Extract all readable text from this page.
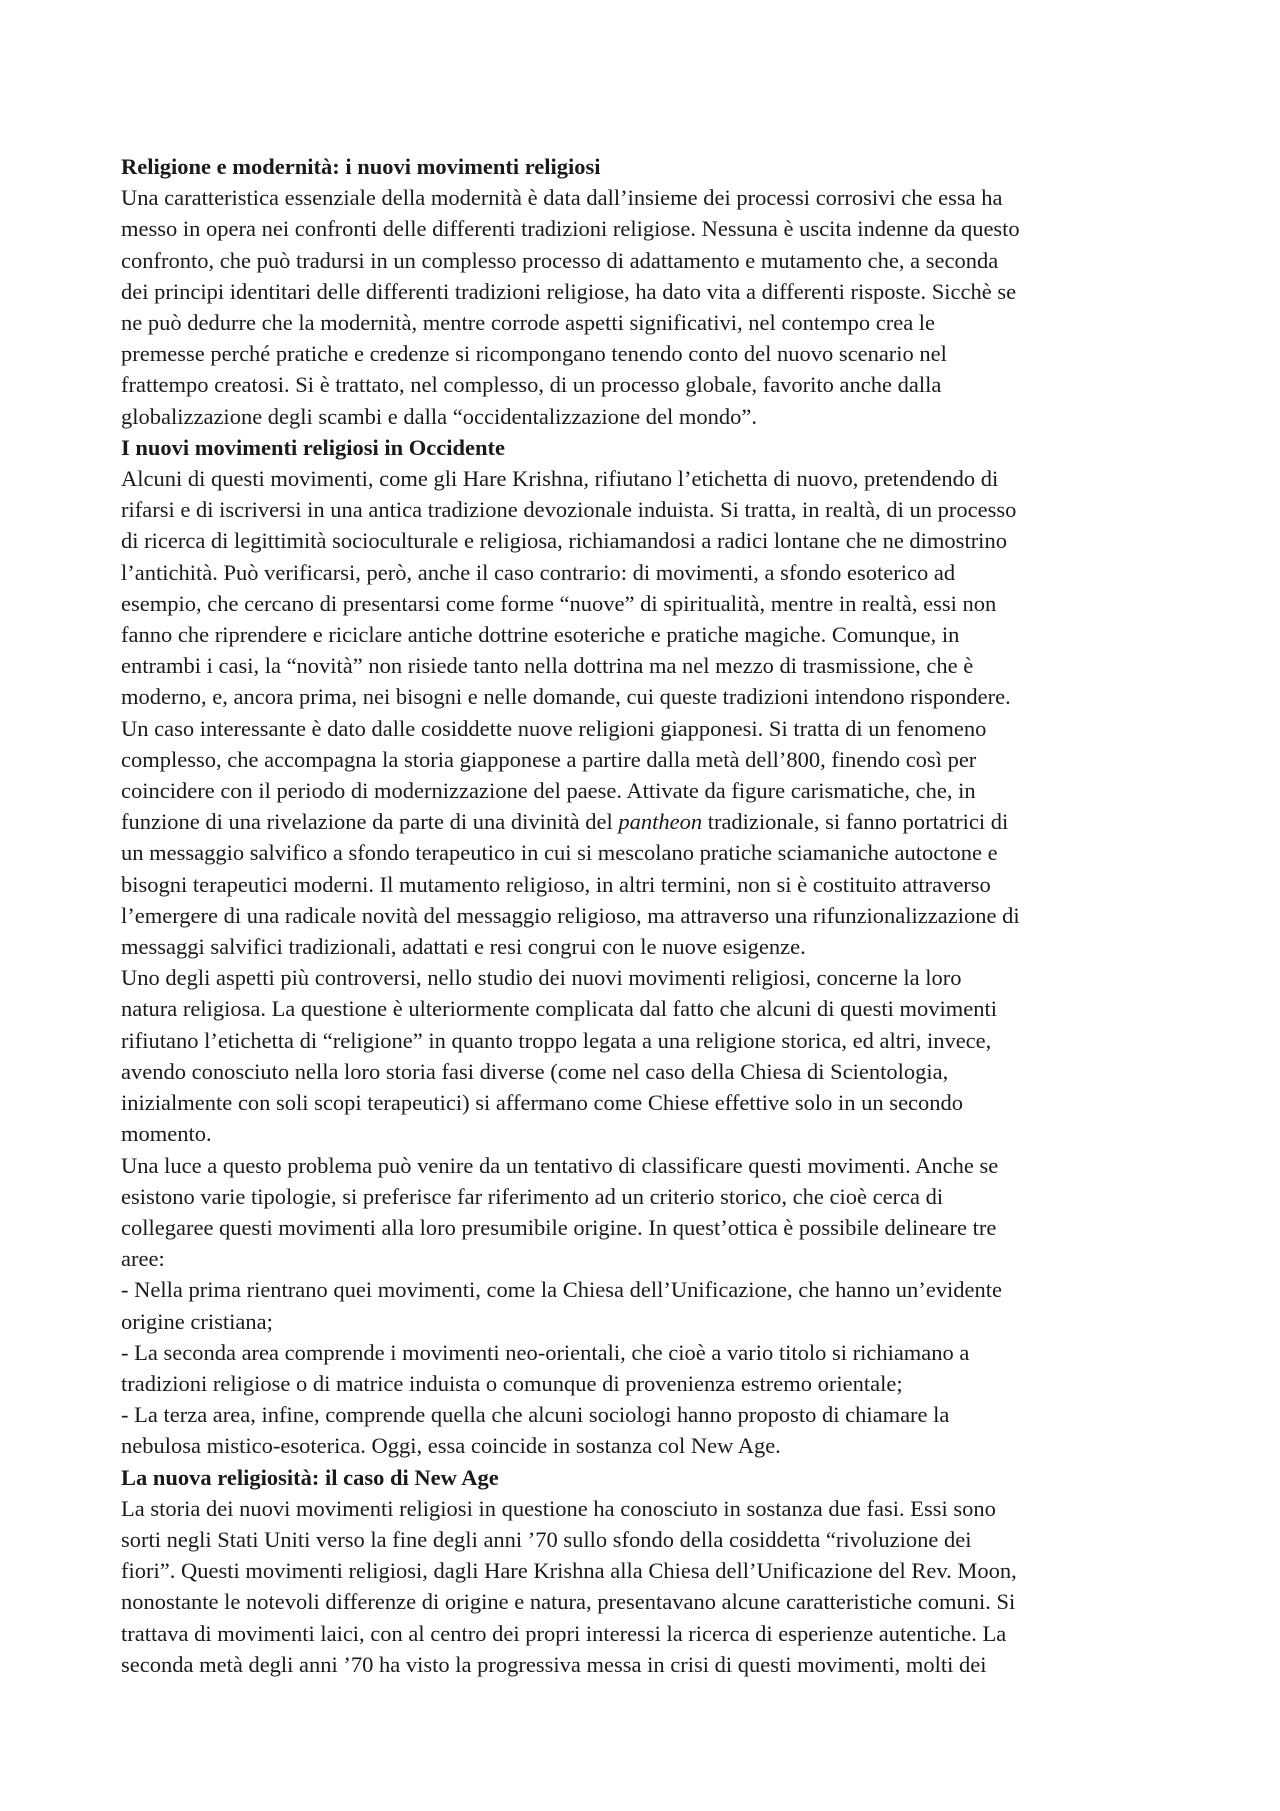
Religione e modernità: i nuovi movimenti religiosi

Una caratteristica essenziale della modernità è data dall’insieme dei processi corrosivi che essa ha
messo in opera nei confronti delle differenti tradizioni religiose. Nessuna è uscita indenne da questo
confronto, che può tradursi in un complesso processo di adattamento e mutamento che, a seconda
dei principi identitari delle differenti tradizioni religiose, ha dato vita a differenti risposte. Sicchè se
ne può dedurre che la modernità, mentre corrode aspetti significativi, nel contempo crea le
premesse perché pratiche e credenze si ricompongano tenendo conto del nuovo scenario nel
frattempo creatosi. Si è trattato, nel complesso, di un processo globale, favorito anche dalla
globalizzazione degli scambi e dalla “occidentalizzazione del mondo”.

I nuovi movimenti religiosi in Occidente

Alcuni di questi movimenti, come gli Hare Krishna, rifiutano l’etichetta di nuovo, pretendendo di
rifarsi e di iscriversi in una antica tradizione devozionale induista. Si tratta, in realtà, di un processo
di ricerca di legittimità socioculturale e religiosa, richiamandosi a radici lontane che ne dimostrino
l’antichità. Può verificarsi, però, anche il caso contrario: di movimenti, a sfondo esoterico ad
esempio, che cercano di presentarsi come forme “nuove” di spiritualità, mentre in realtà, essi non
fanno che riprendere e riciclare antiche dottrine esoteriche e pratiche magiche. Comunque, in
entrambi i casi, la “novità” non risiede tanto nella dottrina ma nel mezzo di trasmissione, che è
moderno, e, ancora prima, nei bisogni e nelle domande, cui queste tradizioni intendono rispondere.

Un caso interessante è dato dalle cosiddette nuove religioni giapponesi. Si tratta di un fenomeno
complesso, che accompagna la storia giapponese a partire dalla metà dell’800, finendo così per
coincidere con il periodo di modernizzazione del paese. Attivate da figure carismatiche, che, in
funzione di una rivelazione da parte di una divinità del pantheon tradizionale, si fanno portatrici di
un messaggio salvifico a sfondo terapeutico in cui si mescolano pratiche sciamaniche autoctone e
bisogni terapeutici moderni. Il mutamento religioso, in altri termini, non si è costituito attraverso
l’emergere di una radicale novità del messaggio religioso, ma attraverso una rifunzionalizzazione di
messaggi salvifici tradizionali, adattati e resi congrui con le nuove esigenze.

Uno degli aspetti più controversi, nello studio dei nuovi movimenti religiosi, concerne la loro
natura religiosa. La questione è ulteriormente complicata dal fatto che alcuni di questi movimenti
rifiutano l’etichetta di “religione” in quanto troppo legata a una religione storica, ed altri, invece,
avendo conosciuto nella loro storia fasi diverse (come nel caso della Chiesa di Scientologia,
inizialmente con soli scopi terapeutici) si affermano come Chiese effettive solo in un secondo
momento.

Una luce a questo problema può venire da un tentativo di classificare questi movimenti. Anche se
esistono varie tipologie, si preferisce far riferimento ad un criterio storico, che cioè cerca di
collegaree questi movimenti alla loro presumibile origine. In quest’ottica è possibile delineare tre
aree:

- Nella prima rientrano quei movimenti, come la Chiesa dell’Unificazione, che hanno un’evidente
origine cristiana;

- La seconda area comprende i movimenti neo-orientali, che cioè a vario titolo si richiamano a
tradizioni religiose o di matrice induista o comunque di provenienza estremo orientale;

- La terza area, infine, comprende quella che alcuni sociologi hanno proposto di chiamare la
nebulosa mistico-esoterica. Oggi, essa coincide in sostanza col New Age.

La nuova religiosità: il caso di New Age

La storia dei nuovi movimenti religiosi in questione ha conosciuto in sostanza due fasi. Essi sono
sorti negli Stati Uniti verso la fine degli anni ’70 sullo sfondo della cosiddetta “rivoluzione dei
fiori”. Questi movimenti religiosi, dagli Hare Krishna alla Chiesa dell’Unificazione del Rev. Moon,
nonostante le notevoli differenze di origine e natura, presentavano alcune caratteristiche comuni. Si
trattava di movimenti laici, con al centro dei propri interessi la ricerca di esperienze autentiche. La
seconda metà degli anni ’70 ha visto la progressiva messa in crisi di questi movimenti, molti dei
